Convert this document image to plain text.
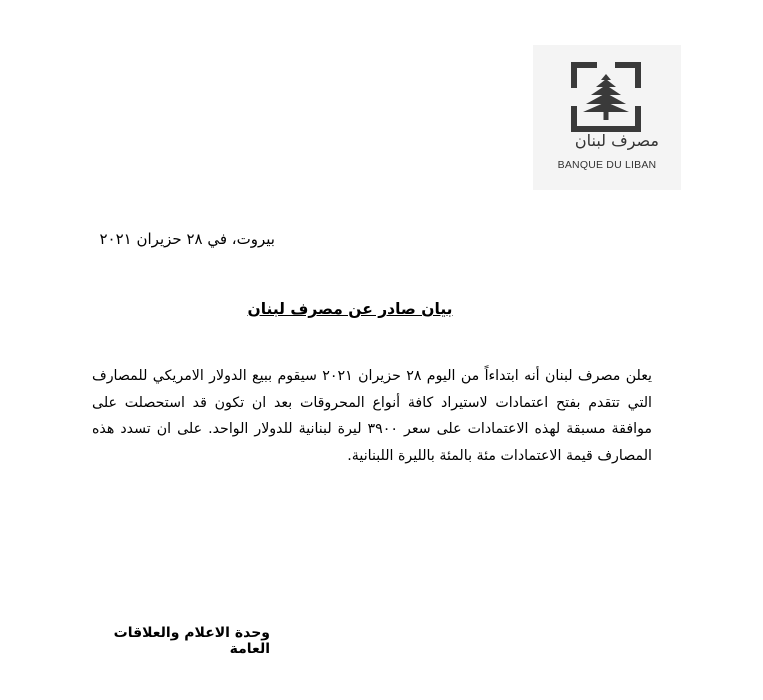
مصرف لبنان
BANQUE DU LIBAN
بيروت، في ٢٨ حزيران ٢٠٢١
بيان صادر عن مصرف لبنان
يعلن مصرف لبنان أنه ابتداءاً من اليوم ٢٨ حزيران ٢٠٢١ سيقوم ببيع الدولار الامريكي للمصارف التي تتقدم بفتح اعتمادات لاستيراد كافة أنواع المحروقات بعد ان تكون قد استحصلت على موافقة مسبقة لهذه الاعتمادات على سعر ٣٩٠٠ ليرة لبنانية للدولار الواحد. على ان تسدد هذه المصارف قيمة الاعتمادات مئة بالمئة بالليرة اللبنانية.
وحدة الاعلام والعلاقات العامة
